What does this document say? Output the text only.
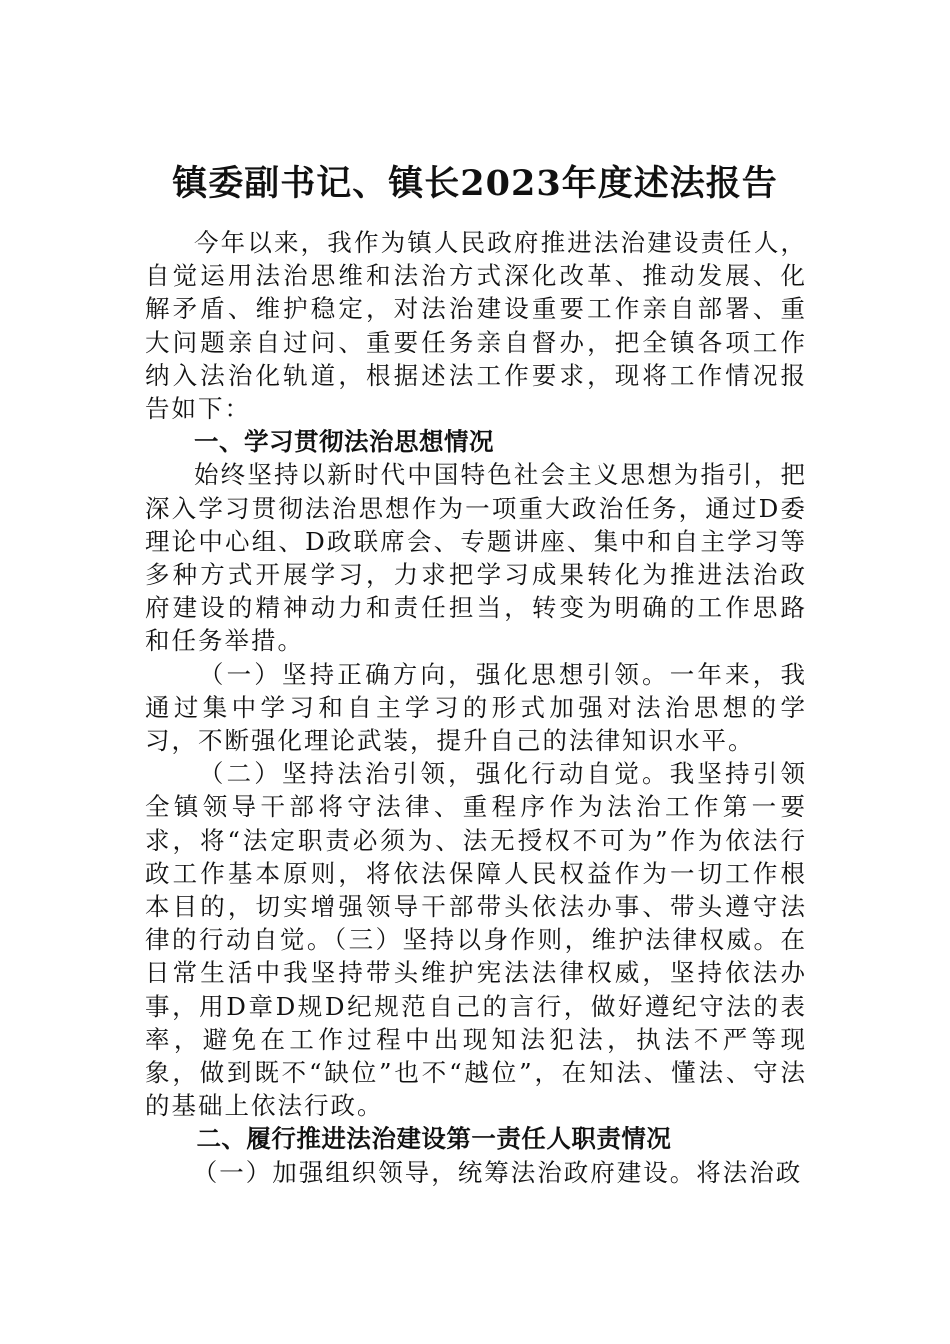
镇委副书记、镇长2023年度述法报告

今年以来，我作为镇人民政府推进法治建设责任人，自觉运用法治思维和法治方式深化改革、推动发展、化解矛盾、维护稳定，对法治建设重要工作亲自部署、重大问题亲自过问、重要任务亲自督办，把全镇各项工作纳入法治化轨道，根据述法工作要求，现将工作情况报告如下：

一、学习贯彻法治思想情况

始终坚持以新时代中国特色社会主义思想为指引，把深入学习贯彻法治思想作为一项重大政治任务，通过D委理论中心组、D政联席会、专题讲座、集中和自主学习等多种方式开展学习，力求把学习成果转化为推进法治政府建设的精神动力和责任担当，转变为明确的工作思路和任务举措。

（一）坚持正确方向，强化思想引领。一年来，我通过集中学习和自主学习的形式加强对法治思想的学习，不断强化理论武装，提升自己的法律知识水平。

（二）坚持法治引领，强化行动自觉。我坚持引领全镇领导干部将守法律、重程序作为法治工作第一要求，将“法定职责必须为、法无授权不可为”作为依法行政工作基本原则，将依法保障人民权益作为一切工作根本目的，切实增强领导干部带头依法办事、带头遵守法律的行动自觉。（三）坚持以身作则，维护法律权威。在日常生活中我坚持带头维护宪法法律权威，坚持依法办事，用D章D规D纪规范自己的言行，做好遵纪守法的表率，避免在工作过程中出现知法犯法，执法不严等现象，做到既不“缺位”也不“越位”，在知法、懂法、守法的基础上依法行政。

二、履行推进法治建设第一责任人职责情况

（一）加强组织领导，统筹法治政府建设。将法治政
